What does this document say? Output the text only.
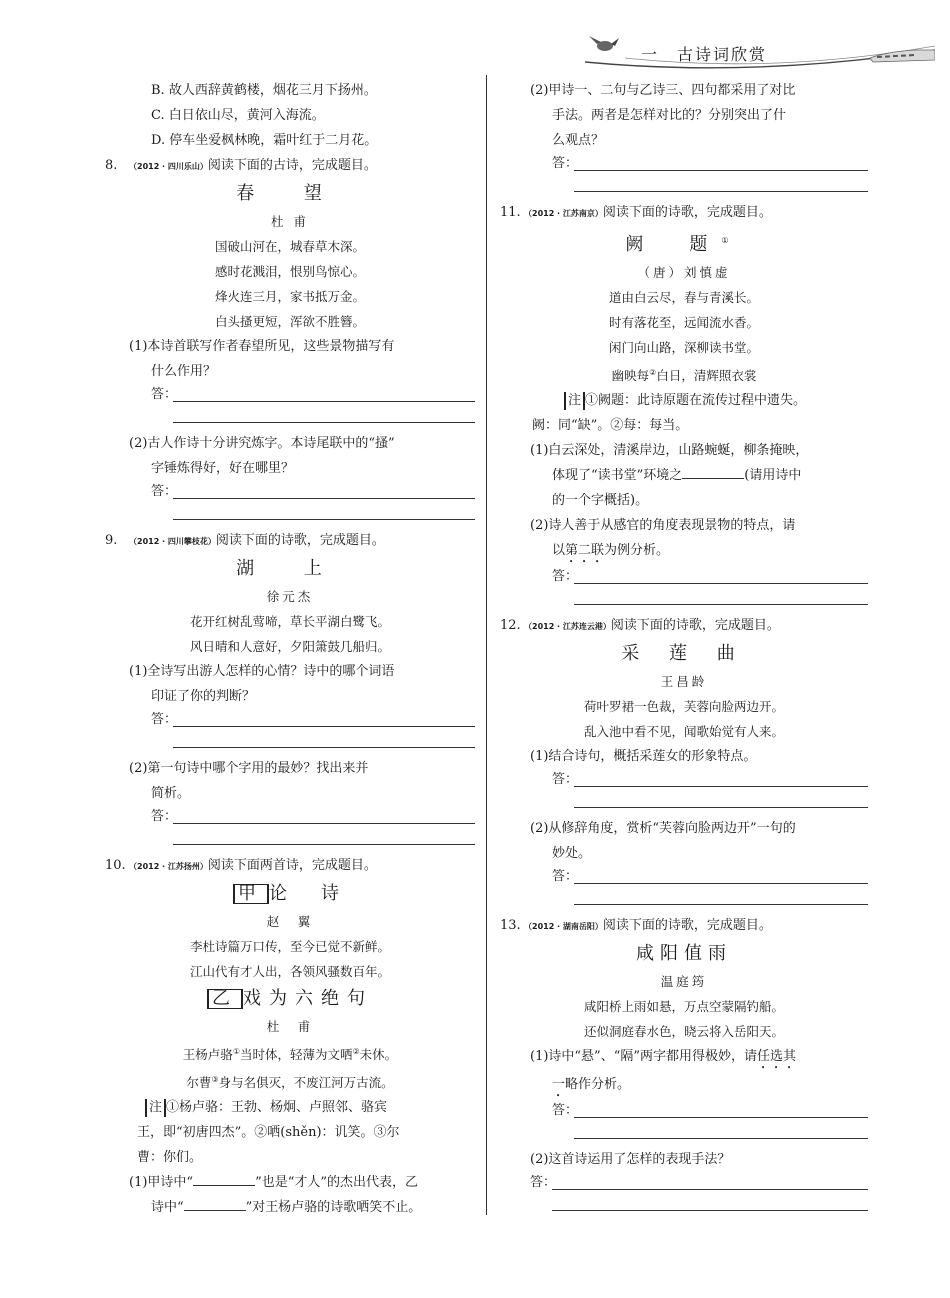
一　古诗词欣赏
B. 故人西辞黄鹤楼，烟花三月下扬州。
C. 白日依山尽，黄河入海流。
D. 停车坐爱枫林晚，霜叶红于二月花。
8. （2012 · 四川乐山）阅读下面的古诗，完成题目。
春 望
杜 甫
国破山河在，城春草木深。
感时花溅泪，恨别鸟惊心。
烽火连三月，家书抵万金。
白头搔更短，浑欲不胜簪。
(1)本诗首联写作者春望所见，这些景物描写有
什么作用？
答：
(2)古人作诗十分讲究炼字。本诗尾联中的“搔”
字锤炼得好，好在哪里？
答：
9. （2012 · 四川攀枝花）阅读下面的诗歌，完成题目。
湖 上
徐元杰
花开红树乱莺啼，草长平湖白鹭飞。
风日晴和人意好，夕阳箫鼓几船归。
(1)全诗写出游人怎样的心情？诗中的哪个词语
印证了你的判断？
答：
(2)第一句诗中哪个字用的最妙？找出来并
简析。
答：
10. （2012 · 江苏扬州）阅读下面两首诗，完成题目。
甲 论　诗
赵　翼
李杜诗篇万口传，至今已觉不新鲜。
江山代有才人出，各领风骚数百年。
乙 戏为六绝句
杜　甫
王杨卢骆①当时体，轻薄为文哂②未休。
尔曹③身与名俱灭，不废江河万古流。
注 ①杨卢骆：王勃、杨炯、卢照邻、骆宾
王，即“初唐四杰”。②哂(shěn)：讥笑。③尔
曹：你们。
(1)甲诗中“	”也是“才人”的杰出代表，乙
诗中“	”对王杨卢骆的诗歌哂笑不止。
(2)甲诗一、二句与乙诗三、四句都采用了对比
手法。两者是怎样对比的？分别突出了什
么观点？
答：
11. （2012 · 江苏南京）阅读下面的诗歌，完成题目。
阙　题①
（唐）刘慎虚
道由白云尽，春与青溪长。
时有落花至，远闻流水香。
闲门向山路，深柳读书堂。
幽映每②白日，清辉照衣裳
注 ①阙题：此诗原题在流传过程中遗失。
阙：同“缺”。②每：每当。
(1)白云深处，清溪岸边，山路蜿蜒，柳条掩映，
体现了“读书堂”环境之	(请用诗中
的一个字概括)。
(2)诗人善于从感官的角度表现景物的特点，请
以第二联为例分析。
答：
12. （2012 · 江苏连云港）阅读下面的诗歌，完成题目。
采 莲 曲
王昌龄
荷叶罗裙一色裁，芙蓉向脸两边开。
乱入池中看不见，闻歌始觉有人来。
(1)结合诗句，概括采莲女的形象特点。
答：
(2)从修辞角度，赏析“芙蓉向脸两边开”一句的
妙处。
答：
13. （2012 · 湖南岳阳）阅读下面的诗歌，完成题目。
咸阳值雨
温庭筠
咸阳桥上雨如悬，万点空蒙隔钓船。
还似洞庭春水色，晓云将入岳阳天。
(1)诗中“悬”、“隔”两字都用得极妙，请任选其
一略作分析。
答：
(2)这首诗运用了怎样的表现手法？
答：
